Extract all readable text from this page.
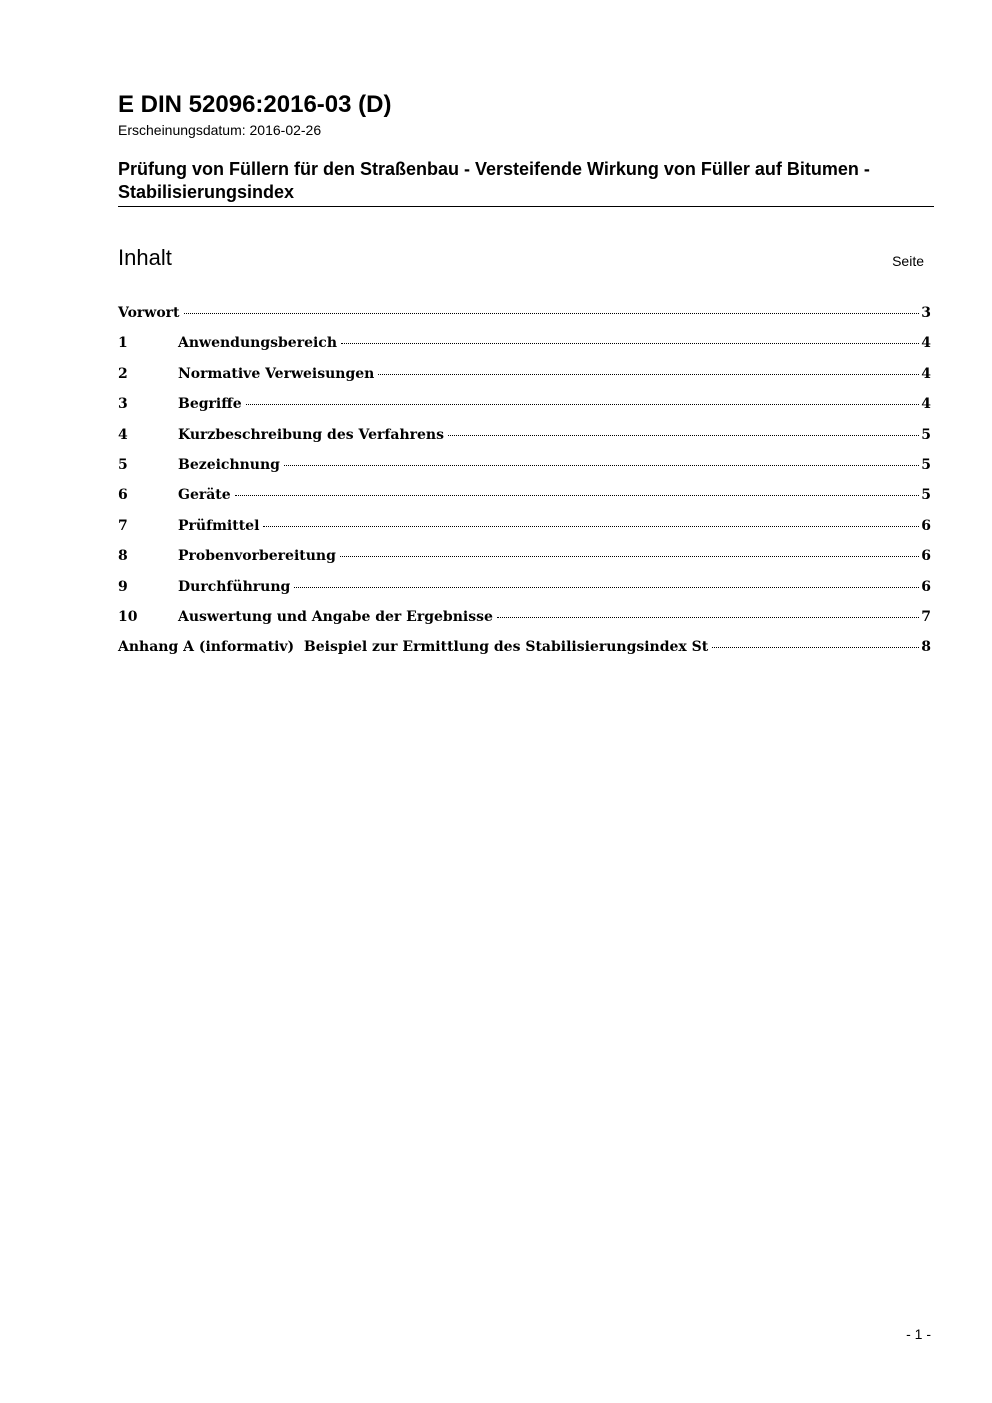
E DIN 52096:2016-03 (D)
Erscheinungsdatum: 2016-02-26
Prüfung von Füllern für den Straßenbau - Versteifende Wirkung von Füller auf Bitumen - Stabilisierungsindex
Inhalt	Seite
Vorwort	3
1	Anwendungsbereich	4
2	Normative Verweisungen	4
3	Begriffe	4
4	Kurzbeschreibung des Verfahrens	5
5	Bezeichnung	5
6	Geräte	5
7	Prüfmittel	6
8	Probenvorbereitung	6
9	Durchführung	6
10	Auswertung und Angabe der Ergebnisse	7
Anhang A (informativ)  Beispiel zur Ermittlung des Stabilisierungsindex St	8
- 1 -
